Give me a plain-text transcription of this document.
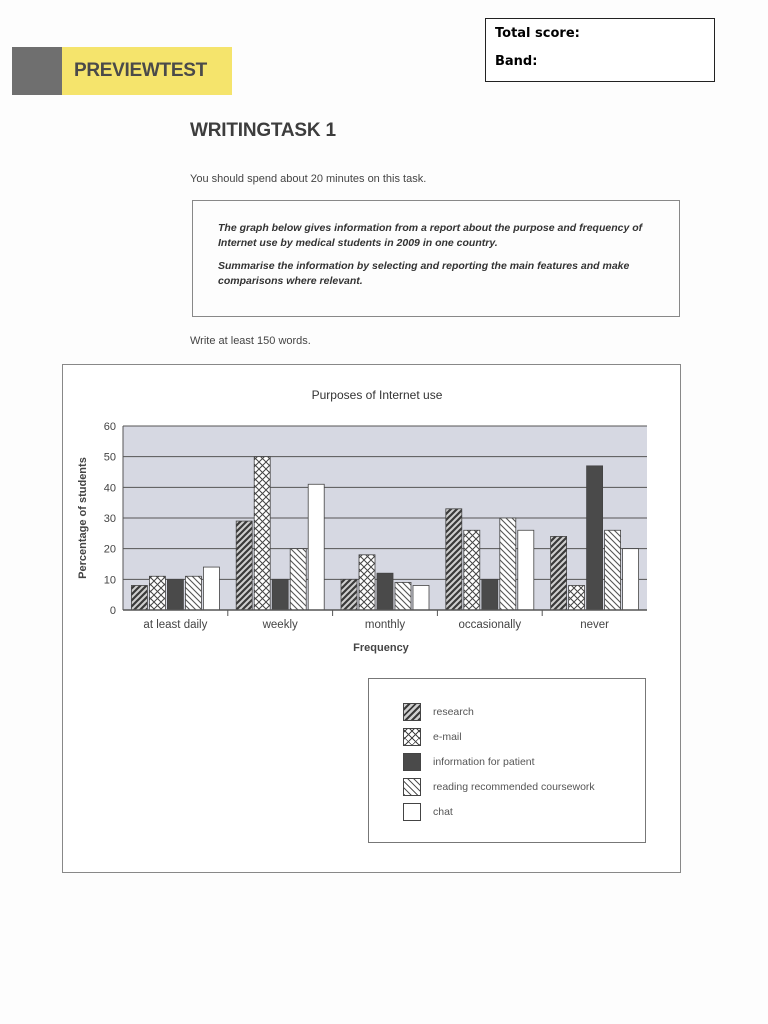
Total score:
Band:
PREVIEWTEST
WRITINGTASK 1
You should spend about 20 minutes on this task.

The graph below gives information from a report about the purpose and frequency of Internet use by medical students in 2009 in one country.

Summarise the information by selecting and reporting the main features and make comparisons where relevant.

Write at least 150 words.
0
10
20
30
40
50
60
at least daily	weekly	monthly	occasionally	never
Purposes of Internet use
Frequency
Percentage of students
research
e-mail
information for patient
reading recommended coursework
chat
